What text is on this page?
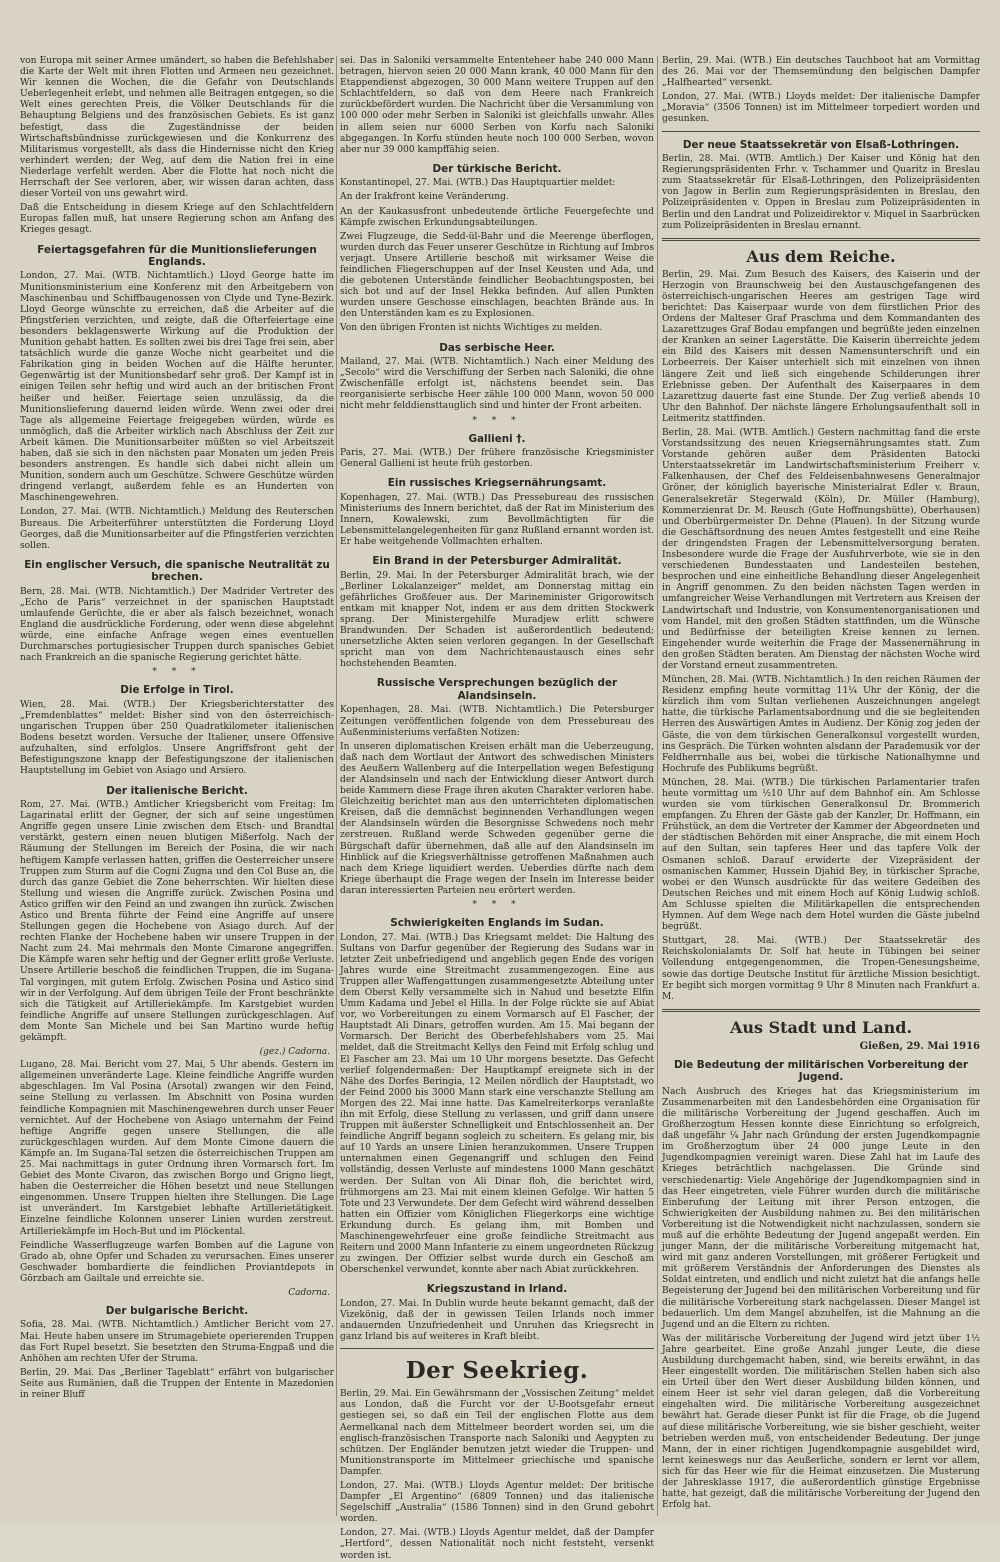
von Europa mit seiner Armee umändert, so haben die Befehlshaber die Karte der Welt mit ihren Flotten und Armeen neu gezeichnet. Wir kennen die Wochen, die die Gefahr von Deutschlands Ueberlegenheit erlebt, und nehmen alle Beitragen entgegen, so die Welt eines gerechten Preis, die Völker Deutschlands für die Behauptung Belgiens und des französischen Gebiets. Es ist ganz befestigt, dass die Zugeständnisse der beiden Wirtschaftsbündnisse zurückgewiesen und die Konkurrenz des Militarismus vorgestellt, als dass die Hindernisse nicht den Krieg verhindert werden; der Weg, auf dem die Nation frei in eine Niederlage verfehlt werden. Aber die Flotte hat noch nicht die Herrschaft der See verloren, aber, wir wissen daran achten, dass dieser Vorteil von uns gewahrt wird.

Daß die Entscheidung in diesem Kriege auf den Schlachtfeldern Europas fallen muß, hat unsere Regierung schon am Anfang des Krieges gesagt.

Feiertagsgefahren für die Munitionslieferungen Englands.

London, 27. Mai. (WTB. Nichtamtlich.) Lloyd George hatte im Munitionsministerium eine Konferenz mit den Arbeitgebern von Maschinenbau und Schiffbaugenossen von Clyde und Tyne-Bezirk. Lloyd George wünschte zu erreichen, daß die Arbeiter auf die Pfingstferien verzichten, und zeigte, daß die Ofterfeiertage eine besonders beklagenswerte Wirkung auf die Produktion der Munition gehabt hatten. Es sollten zwei bis drei Tage frei sein, aber tatsächlich wurde die ganze Woche nicht gearbeitet und die Fabrikation ging in beiden Wochen auf die Hälfte herunter. Gegenwärtig ist der Munitionsbedarf sehr groß. Der Kampf ist in einigen Teilen sehr heftig und wird auch an der britischen Front heißer und heißer. Feiertage seien unzulässig, da die Munitionslieferung dauernd leiden würde. Wenn zwei oder drei Tage als allgemeine Feiertage freigegeben würden, würde es unmöglich, daß die Arbeiter wirklich nach Abschluss der Zeit zur Arbeit kämen. Die Munitionsarbeiter müßten so viel Arbeitszeit haben, daß sie sich in den nächsten paar Monaten um jeden Preis besonders anstrengen. Es handle sich dabei nicht allein um Munition, sondern auch um Geschütze. Schwere Geschütze würden dringend verlangt, außerdem fehle es an Hunderten von Maschinengewehren.

London, 27. Mai. (WTB. Nichtamtlich.) Meldung des Reuterschen Bureaus. Die Arbeiterführer unterstützten die Forderung Lloyd Georges, daß die Munitionsarbeiter auf die Pfingstferien verzichten sollen.

Ein englischer Versuch, die spanische Neutralität zu brechen.

Bern, 28. Mai. (WTB. Nichtamtlich.) Der Madrider Vertreter des „Echo de Paris“ verzeichnet in der spanischen Hauptstadt umlaufende Gerüchte, die er aber als falsch bezeichnet, wonach England die ausdrückliche Forderung, oder wenn diese abgelehnt würde, eine einfache Anfrage wegen eines eventuellen Durchmarsches portugiesischer Truppen durch spanisches Gebiet nach Frankreich an die spanische Regierung gerichtet hätte.

* * *
Die Erfolge in Tirol.

Wien, 28. Mai. (WTB.) Der Kriegsberichterstatter des „Fremdenblattes“ meldet: Bisher sind von den österreichisch-ungarischen Truppen über 250 Quadratkilometer italienischen Bodens besetzt worden. Versuche der Italiener, unsere Offensive aufzuhalten, sind erfolglos. Unsere Angriffsfront geht der Befestigungszone knapp der Befestigungszone der italienischen Hauptstellung im Gebiet von Asiago und Arsiero.

Der italienische Bericht.

Rom, 27. Mai. (WTB.) Amtlicher Kriegsbericht vom Freitag: Im Lagarinatal erlitt der Gegner, der sich auf seine ungestümen Angriffe gegen unsere Linie zwischen dem Etsch- und Brandtal verstärkt, gestern einen neuen blutigen Mißerfolg. Nach der Räumung der Stellungen im Bereich der Posina, die wir nach heftigem Kampfe verlassen hatten, griffen die Oesterreicher unsere Truppen zum Sturm auf die Cogni Zugna und den Col Buse an, die durch das ganze Gebiet die Zone beherrschten. Wir hielten diese Stellung und wiesen die Angriffe zurück. Zwischen Posina und Astico griffen wir den Feind an und zwangen ihn zurück. Zwischen Astico und Brenta führte der Feind eine Angriffe auf unsere Stellungen gegen die Hochebene von Asiago durch. Auf der rechten Flanke der Hochebene haben wir unsere Truppen in der Nacht zum 24. Mai mehrmals den Monte Cimarone angegriffen. Die Kämpfe waren sehr heftig und der Gegner erlitt große Verluste. Unsere Artillerie beschoß die feindlichen Truppen, die im Sugana-Tal vorgingen, mit gutem Erfolg. Zwischen Posina und Astico sind wir in der Verfolgung. Auf dem übrigen Teile der Front beschränkte sich die Tätigkeit auf Artilleriekämpfe. Im Karstgebiet wurden feindliche Angriffe auf unsere Stellungen zurückgeschlagen. Auf dem Monte San Michele und bei San Martino wurde heftig gekämpft.

(gez.) Cadorna.

Lugano, 28. Mai. Bericht vom 27. Mai, 5 Uhr abends. Gestern im allgemeinen unveränderte Lage. Kleine feindliche Angriffe wurden abgeschlagen. Im Val Posina (Arsotal) zwangen wir den Feind, seine Stellung zu verlassen. Im Abschnitt von Posina wurden feindliche Kompagnien mit Maschinengewehren durch unser Feuer vernichtet. Auf der Hochebene von Asiago unternahm der Feind heftige Angriffe gegen unsere Stellungen, die alle zurückgeschlagen wurden. Auf dem Monte Cimone dauern die Kämpfe an. Im Sugana-Tal setzen die österreichischen Truppen am 25. Mai nachmittags in guter Ordnung ihren Vormarsch fort. Im Gebiet des Monte Civaron, das zwischen Borgo und Grigno liegt, haben die Oesterreicher die Höhen besetzt und neue Stellungen eingenommen. Unsere Truppen hielten ihre Stellungen. Die Lage ist unverändert. Im Karstgebiet lebhafte Artillerietätigkeit. Einzelne feindliche Kolonnen unserer Linien wurden zerstreut. Artilleriekämpfe im Hoch-But und im Plöckental.

Feindliche Wasserflugzeuge warfen Bomben auf die Lagune von Grado ab, ohne Opfer und Schaden zu verursachen. Eines unserer Geschwader bombardierte die feindlichen Proviantdepots in Görzbach am Gailtale und erreichte sie.

Cadorna.
Der bulgarische Bericht.

Sofia, 28. Mai. (WTB. Nichtamtlich.) Amtlicher Bericht vom 27. Mai. Heute haben unsere im Strumagebiete operierenden Truppen das Fort Rupel besetzt. Sie besetzten den Struma-Engpaß und die Anhöhen am rechten Ufer der Struma.

Berlin, 29. Mai. Das „Berliner Tageblatt“ erfährt von bulgarischer Seite aus Rumänien, daß die Truppen der Entente in Mazedonien in reiner Bluff

sei. Das in Saloniki versammelte Ententeheer habe 240 000 Mann betragen, hiervon seien 20 000 Mann krank, 40 000 Mann für den Etappendienst abgezogen, 30 000 Mann weitere Truppen auf den Schlachtfeldern, so daß von dem Heere nach Frankreich zurückbefördert wurden. Die Nachricht über die Versammlung von 100 000 oder mehr Serben in Saloniki ist gleichfalls unwahr. Alles in allem seien nur 6000 Serben von Korfu nach Saloniki abgegangen. In Korfu stünden heute noch 100 000 Serben, wovon aber nur 39 000 kampffähig seien.

Der türkische Bericht.

Konstantinopel, 27. Mai. (WTB.) Das Hauptquartier meldet:

An der Irakfront keine Veränderung.

An der Kaukasusfront unbedeutende örtliche Feuergefechte und Kämpfe zwischen Erkundungsabteilungen.

Zwei Flugzeuge, die Sedd-ül-Bahr und die Meerenge überflogen, wurden durch das Feuer unserer Geschütze in Richtung auf Imbros verjagt. Unsere Artillerie beschoß mit wirksamer Weise die feindlichen Fliegerschuppen auf der Insel Keusten und Ada, und die gebotenen Unterstände feindlicher Beobachtungsposten, bei sich bot und auf der Insel Hekka befinden. Auf allen Punkten wurden unsere Geschosse einschlagen, beachten Brände aus. In den Unterständen kam es zu Explosionen.

Von den übrigen Fronten ist nichts Wichtiges zu melden.

Das serbische Heer.

Mailand, 27. Mai. (WTB. Nichtamtlich.) Nach einer Meldung des „Secolo“ wird die Verschiffung der Serben nach Saloniki, die ohne Zwischenfälle erfolgt ist, nächstens beendet sein. Das reorganisierte serbische Heer zähle 100 000 Mann, wovon 50 000 nicht mehr felddiensttauglich sind und hinter der Front arbeiten.

* * *
Gallieni †.

Paris, 27. Mai. (WTB.) Der frühere französische Kriegsminister General Gallieni ist heute früh gestorben.

Ein russisches Kriegsernährungsamt.

Kopenhagen, 27. Mai. (WTB.) Das Pressebureau des russischen Ministeriums des Innern berichtet, daß der Rat im Ministerium des Innern, Kowalewski, zum Bevollmächtigten für die Lebensmittelangelegenheiten für ganz Rußland ernannt worden ist. Er habe weitgehende Vollmachten erhalten.

Ein Brand in der Petersburger Admiralität.

Berlin, 29. Mai. In der Petersburger Admiralität brach, wie der „Berliner Lokalanzeiger“ meldet, am Donnerstag mittag ein gefährliches Großfeuer aus. Der Marineminister Grigorowitsch entkam mit knapper Not, indem er aus dem dritten Stockwerk sprang. Der Ministergehilfe Muradjew erlitt schwere Brandwunden. Der Schaden ist außerordentlich bedeutend; unersetzliche Akten seien verloren gegangen. In der Gesellschaft spricht man von dem Nachrichtenaustausch eines sehr hochstehenden Beamten.

Russische Versprechungen bezüglich der Alandsinseln.

Kopenhagen, 28. Mai. (WTB. Nichtamtlich.) Die Petersburger Zeitungen veröffentlichen folgende von dem Pressebureau des Außenministeriums verfaßten Notizen:

In unseren diplomatischen Kreisen erhält man die Ueberzeugung, daß nach dem Wortlaut der Antwort des schwedischen Ministers des Aeußern Wallenberg auf die Interpellation wegen Befestigung der Alandsinseln und nach der Entwicklung dieser Antwort durch beide Kammern diese Frage ihren akuten Charakter verloren habe. Gleichzeitig berichtet man aus den unterrichteten diplomatischen Kreisen, daß die demnächst beginnenden Verhandlungen wegen der Alandsinseln würden die Besorgnisse Schwedens noch mehr zerstreuen. Rußland werde Schweden gegenüber gerne die Bürgschaft dafür übernehmen, daß alle auf den Alandsinseln im Hinblick auf die Kriegsverhältnisse getroffenen Maßnahmen auch nach dem Kriege liquidiert werden. Ueberdies dürfte nach dem Kriege überhaupt die Frage wegen der Inseln im Interesse beider daran interessierten Parteien neu erörtert werden.

* * *
Schwierigkeiten Englands im Sudan.

London, 27. Mai. (WTB.) Das Kriegsamt meldet: Die Haltung des Sultans von Darfur gegenüber der Regierung des Sudans war in letzter Zeit unbefriedigend und angeblich gegen Ende des vorigen Jahres wurde eine Streitmacht zusammengezogen. Eine aus Truppen aller Waffengattungen zusammengesetzte Abteilung unter dem Oberst Kelly versammelte sich in Nahud und besetzte Elfin Umm Kadama und Jebel el Hilla. In der Folge rückte sie auf Abiat vor, wo Vorbereitungen zu einem Vormarsch auf El Fascher, der Hauptstadt Ali Dinars, getroffen wurden. Am 15. Mai begann der Vormarsch. Der Bericht des Oberbefehlshabers vom 25. Mai meldet, daß die Streitmacht Kellys den Feind mit Erfolg schlug und El Fascher am 23. Mai um 10 Uhr morgens besetzte. Das Gefecht verlief folgendermaßen: Der Hauptkampf ereignete sich in der Nähe des Dorfes Beringia, 12 Meilen nördlich der Hauptstadt, wo der Feind 2000 bis 3000 Mann stark eine verschanzte Stellung am Morgen des 22. Mai inne hatte. Das Kamelreiterkorps veranlaßte ihn mit Erfolg, diese Stellung zu verlassen, und griff dann unsere Truppen mit äußerster Schnelligkeit und Entschlossenheit an. Der feindliche Angriff begann sogleich zu scheitern. Es gelang mir, bis auf 10 Yards an unsere Linien heranzukommen. Unsere Truppen unternahmen einen Gegenangriff und schlugen den Feind vollständig, dessen Verluste auf mindestens 1000 Mann geschätzt werden. Der Sultan von Ali Dinar floh, die berichtet wird, frühmorgens am 23. Mai mit einem kleinen Gefolge. Wir hatten 5 Tote und 23 Verwundete. Der dem Gefecht wird während desselben hatten ein Offizier vom Königlichen Fliegerkorps eine wichtige Erkundung durch. Es gelang ihm, mit Bomben und Maschinengewehrfeuer eine große feindliche Streitmacht aus Reitern und 2000 Mann Infanterie zu einem ungeordneten Rückzug zu zwingen. Der Offizier selbst wurde durch ein Geschoß am Oberschenkel verwundet, konnte aber nach Abiat zurückkehren.

Kriegszustand in Irland.

London, 27. Mai. In Dublin wurde heute bekannt gemacht, daß der Vizekönig, daß der in gewissen Teilen Irlands noch immer andauernden Unzufriedenheit und Unruhen das Kriegsrecht in ganz Irland bis auf weiteres in Kraft bleibt.

Der Seekrieg.

Berlin, 29. Mai. Ein Gewährsmann der „Vossischen Zeitung“ meldet aus London, daß die Furcht vor der U-Bootsgefahr erneut gestiegen sei, so daß ein Teil der englischen Flotte aus dem Aermelkanal nach dem Mittelmeer beordert worden sei, um die englisch-französischen Transporte nach Saloniki und Aegypten zu schützen. Der Engländer benutzen jetzt wieder die Truppen- und Munitionstransporte im Mittelmeer griechische und spanische Dampfer.

London, 27. Mai. (WTB.) Lloyds Agentur meldet: Der britische Dampfer „El Argentino“ (6809 Tonnen) und das italienische Segelschiff „Australia“ (1586 Tonnen) sind in den Grund gebohrt worden.

London, 27. Mai. (WTB.) Lloyds Agentur meldet, daß der Dampfer „Hertford“, dessen Nationalität noch nicht feststeht, versenkt worden ist.

Berlin, 29. Mai. (WTB.) Ein deutsches Tauchboot hat am Vormittag des 26. Mai vor der Themsemündung den belgischen Dampfer „Halfhearted“ versenkt.

London, 27. Mai. (WTB.) Lloyds meldet: Der italienische Dampfer „Moravia“ (3506 Tonnen) ist im Mittelmeer torpediert worden und gesunken.

Der neue Staatssekretär von Elsaß-Lothringen.

Berlin, 28. Mai. (WTB. Amtlich.) Der Kaiser und König hat den Regierungspräsidenten Frhr. v. Tschammer und Quaritz in Breslau zum Staatssekretär für Elsaß-Lothringen, den Polizeipräsidenten von Jagow in Berlin zum Regierungspräsidenten in Breslau, den Polizeipräsidenten v. Oppen in Breslau zum Polizeipräsidenten in Berlin und den Landrat und Polizeidirektor v. Miquel in Saarbrücken zum Polizeipräsidenten in Breslau ernannt.

Aus dem Reiche.

Berlin, 29. Mai. Zum Besuch des Kaisers, des Kaiserin und der Herzogin von Braunschweig bei den Austauschgefangenen des österreichisch-ungarischen Heeres am gestrigen Tage wird berichtet: Das Kaiserpaar wurde von dem fürstlichen Prior des Ordens der Malteser Graf Praschma und dem Kommandanten des Lazarettzuges Graf Bodau empfangen und begrüßte jeden einzelnen der Kranken an seiner Lagerstätte. Die Kaiserin überreichte jedem ein Bild des Kaisers mit dessen Namensunterschrift und ein Lorbeerreis. Der Kaiser unterhielt sich mit einzelnen von ihnen längere Zeit und ließ sich eingehende Schilderungen ihrer Erlebnisse geben. Der Aufenthalt des Kaiserpaares in dem Lazarettzug dauerte fast eine Stunde. Der Zug verließ abends 10 Uhr den Bahnhof. Der nächste längere Erholungsaufenthalt soll in Leitmeritz stattfinden.

Berlin, 28. Mai. (WTB. Amtlich.) Gestern nachmittag fand die erste Vorstandssitzung des neuen Kriegsernährungsamtes statt. Zum Vorstande gehören außer dem Präsidenten Batocki Unterstaatssekretär im Landwirtschaftsministerium Freiherr v. Falkenhausen, der Chef des Feldeisenbahnwesens Generalmajor Gröner, der königlich bayerische Ministerialrat Edler v. Braun, Generalsekretär Stegerwald (Köln), Dr. Müller (Hamburg), Kommerzienrat Dr. M. Reusch (Gute Hoffnungshütte), Oberhausen) und Oberbürgermeister Dr. Dehne (Plauen). In der Sitzung wurde die Geschäftsordnung des neuen Amtes festgestellt und eine Reihe der dringendsten Fragen der Lebensmittelversorgung beraten. Insbesondere wurde die Frage der Ausfuhrverbote, wie sie in den verschiedenen Bundesstaaten und Landesteilen bestehen, besprochen und eine einheitliche Behandlung dieser Angelegenheit in Angriff genommen. Zu den beiden nächsten Tagen werden in umfangreicher Weise Verhandlungen mit Vertretern aus Kreisen der Landwirtschaft und Industrie, von Konsumentenorganisationen und vom Handel, mit den großen Städten stattfinden, um die Wünsche und Bedürfnisse der beteiligten Kreise kennen zu lernen. Eingehender wurde weiterhin die Frage der Massenernährung in den großen Städten beraten. Am Dienstag der nächsten Woche wird der Vorstand erneut zusammentreten.

München, 28. Mai. (WTB. Nichtamtlich.) In den reichen Räumen der Residenz empfing heute vormittag 11¼ Uhr der König, der die kürzlich ihm vom Sultan verliehenen Auszeichnungen angelegt hatte, die türkische Parlamentsabordnung und die sie begleitenden Herren des Auswärtigen Amtes in Audienz. Der König zog jeden der Gäste, die von dem türkischen Generalkonsul vorgestellt wurden, ins Gespräch. Die Türken wohnten alsdann der Parademusik vor der Feldherrnhalle aus bei, wobei die türkische Nationalhymne und Hochrufe des Publikums begrüßt.

München, 28. Mai. (WTB.) Die türkischen Parlamentarier trafen heute vormittag um ½10 Uhr auf dem Bahnhof ein. Am Schlosse wurden sie vom türkischen Generalkonsul Dr. Brommerich empfangen. Zu Ehren der Gäste gab der Kanzler, Dr. Hoffmann, ein Frühstück, an dem die Vertreter der Kammer der Abgeordneten und der städtischen Behörden mit einer Ansprache, die mit einem Hoch auf den Sultan, sein tapferes Heer und das tapfere Volk der Osmanen schloß. Darauf erwiderte der Vizepräsident der osmanischen Kammer, Hussein Djahid Bey, in türkischer Sprache, wobei er den Wunsch ausdrückte für das weitere Gedeihen des Deutschen Reiches und mit einem Hoch auf König Ludwig schloß. Am Schlusse spielten die Militärkapellen die entsprechenden Hymnen. Auf dem Wege nach dem Hotel wurden die Gäste jubelnd begrüßt.

Stuttgart, 28. Mai. (WTB.) Der Staatssekretär des Reichskolonialamts Dr. Solf hat heute in Tübingen bei seiner Vollendung entgegengenommen, die Tropen-Genesungsheime, sowie das dortige Deutsche Institut für ärztliche Mission besichtigt. Er begibt sich morgen vormittag 9 Uhr 8 Minuten nach Frankfurt a. M.

Aus Stadt und Land.
Gießen, 29. Mai 1916
Die Bedeutung der militärischen Vorbereitung der Jugend.

Nach Ausbruch des Krieges hat das Kriegsministerium im Zusammenarbeiten mit den Landesbehörden eine Organisation für die militärische Vorbereitung der Jugend geschaffen. Auch im Großherzogtum Hessen konnte diese Einrichtung so erfolgreich, daß ungefähr ¼ Jahr nach Gründung der ersten Jugendkompagnie im Großherzogtum über 24 000 junge Leute in den Jugendkompagnien vereinigt waren. Diese Zahl hat im Laufe des Krieges beträchtlich nachgelassen. Die Gründe sind verschiedenartig: Viele Angehörige der Jugendkompagnien sind in das Heer eingetreten, viele Führer wurden durch die militärische Einberufung der Leitung mit ihrer Person entzogen, die Schwierigkeiten der Ausbildung nahmen zu. Bei den militärischen Vorbereitung ist die Notwendigkeit nicht nachzulassen, sondern sie muß auf die erhöhte Bedeutung der Jugend angepaßt werden. Ein junger Mann, der die militärische Vorbereitung mitgemacht hat, wird mit ganz anderen Vorstellungen, mit größerer Fertigkeit und mit größerem Verständnis der Anforderungen des Dienstes als Soldat eintreten, und endlich und nicht zuletzt hat die anfangs helle Begeisterung der Jugend bei den militärischen Vorbereitung und für die militärische Vorbereitung stark nachgelassen. Dieser Mangel ist bedauerlich. Um dem Mangel abzuhelfen, ist die Mahnung an die Jugend und an die Eltern zu richten.

Was der militärische Vorbereitung der Jugend wird jetzt über 1½ Jahre gearbeitet. Eine große Anzahl junger Leute, die diese Ausbildung durchgemacht haben, sind, wie bereits erwähnt, in das Heer eingestellt worden. Die militärischen Stellen haben sich also ein Urteil über den Wert dieser Ausbildung bilden können, und einem Heer ist sehr viel daran gelegen, daß die Vorbereitung eingehalten wird. Die militärische Vorbereitung ausgezeichnet bewährt hat. Gerade dieser Punkt ist für die Frage, ob die Jugend auf diese militärische Vorbereitung, wie sie bisher geschieht, weiter betrieben werden muß, von entscheidender Bedeutung. Der junge Mann, der in einer richtigen Jugendkompagnie ausgebildet wird, lernt keineswegs nur das Aeußerliche, sondern er lernt vor allem, sich für das Heer wie für die Heimat einzusetzen. Die Musterung der Jahresklasse 1917, die außerordentlich günstige Ergebnisse hatte, hat gezeigt, daß die militärische Vorbereitung der Jugend den Erfolg hat.
